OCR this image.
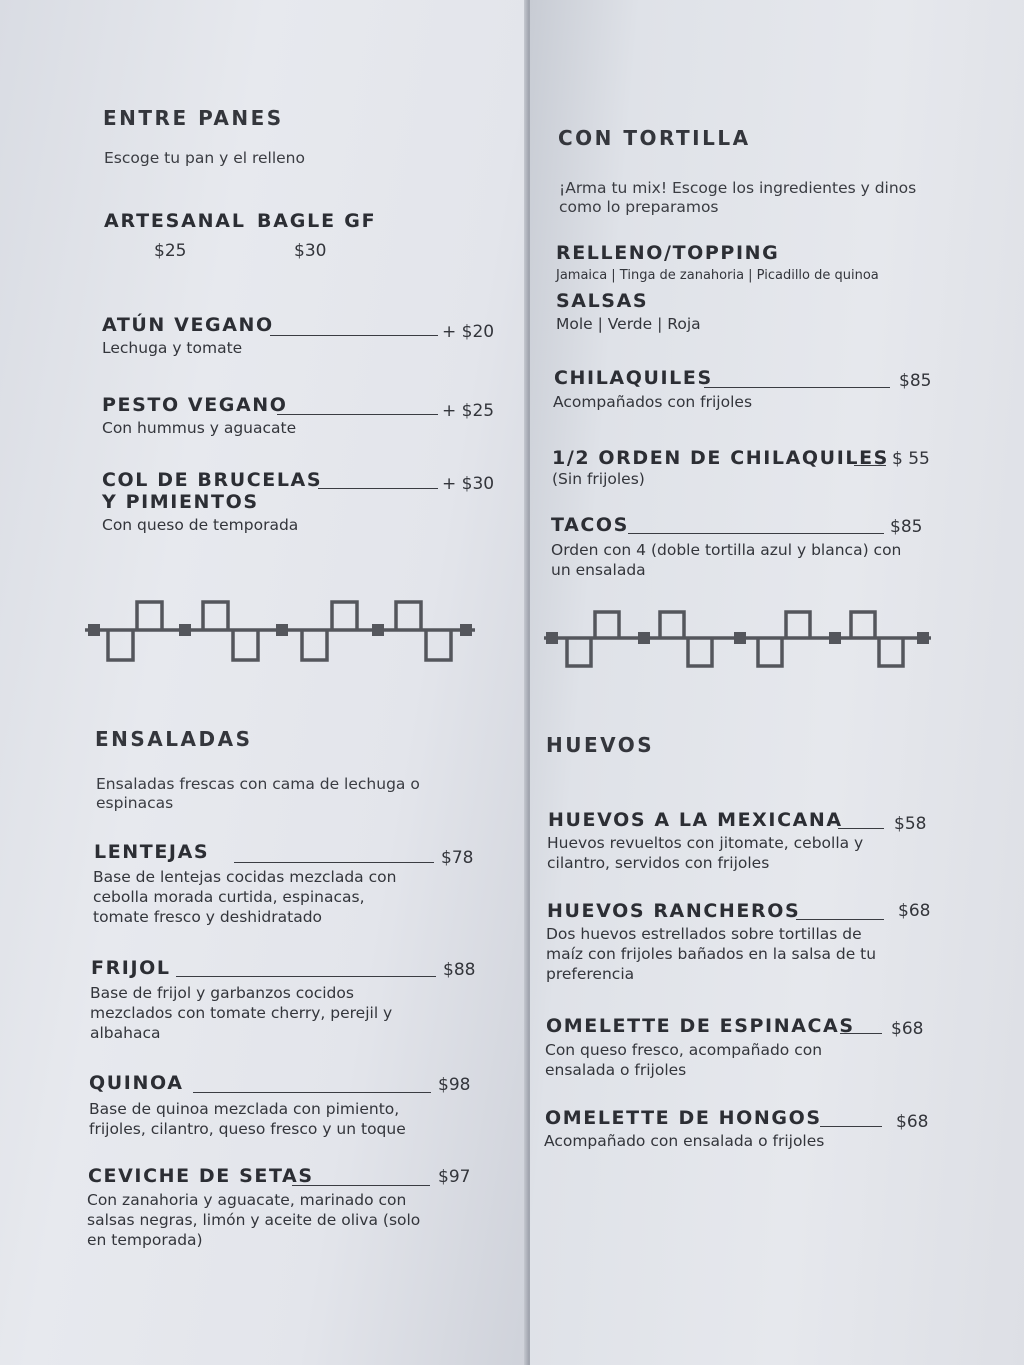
ENTRE PANES
Escoge tu pan y el relleno
ARTESANAL
$25
BAGLE GF
$30
ATÚN VEGANO	+ $20
Lechuga y tomate
PESTO VEGANO	+ $25
Con hummus y aguacate
COL DE BRUCELAS
Y PIMIENTOS
+ $30
Con queso de temporada
ENSALADAS
Ensaladas frescas con cama de lechuga o espinacas
LENTEJAS	$78
Base de lentejas cocidas mezclada con cebolla morada curtida, espinacas, tomate fresco y deshidratado
FRIJOL	$88
Base de frijol y garbanzos cocidos mezclados con tomate cherry, perejil y albahaca
QUINOA	$98
Base de quinoa mezclada con pimiento, frijoles, cilantro, queso fresco y un toque
CEVICHE DE SETAS	$97
Con zanahoria y aguacate, marinado con salsas negras, limón y aceite de oliva (solo en temporada)
CON TORTILLA
¡Arma tu mix! Escoge los ingredientes y dinos como lo preparamos
RELLENO/TOPPING
Jamaica | Tinga de zanahoria | Picadillo de quinoa
SALSAS
Mole | Verde | Roja
CHILAQUILES	$85
Acompañados con frijoles
1/2 ORDEN DE CHILAQUILES $ 55
(Sin frijoles)
TACOS	$85
Orden con 4 (doble tortilla azul y blanca) con un ensalada
HUEVOS
HUEVOS A LA MEXICANA	$58
Huevos revueltos con jitomate, cebolla y cilantro, servidos con frijoles
HUEVOS RANCHEROS	$68
Dos huevos estrellados sobre tortillas de maíz con frijoles bañados en la salsa de tu preferencia
OMELETTE DE ESPINACAS $68
Con queso fresco, acompañado con ensalada o frijoles
OMELETTE DE HONGOS	$68
Acompañado con ensalada o frijoles
